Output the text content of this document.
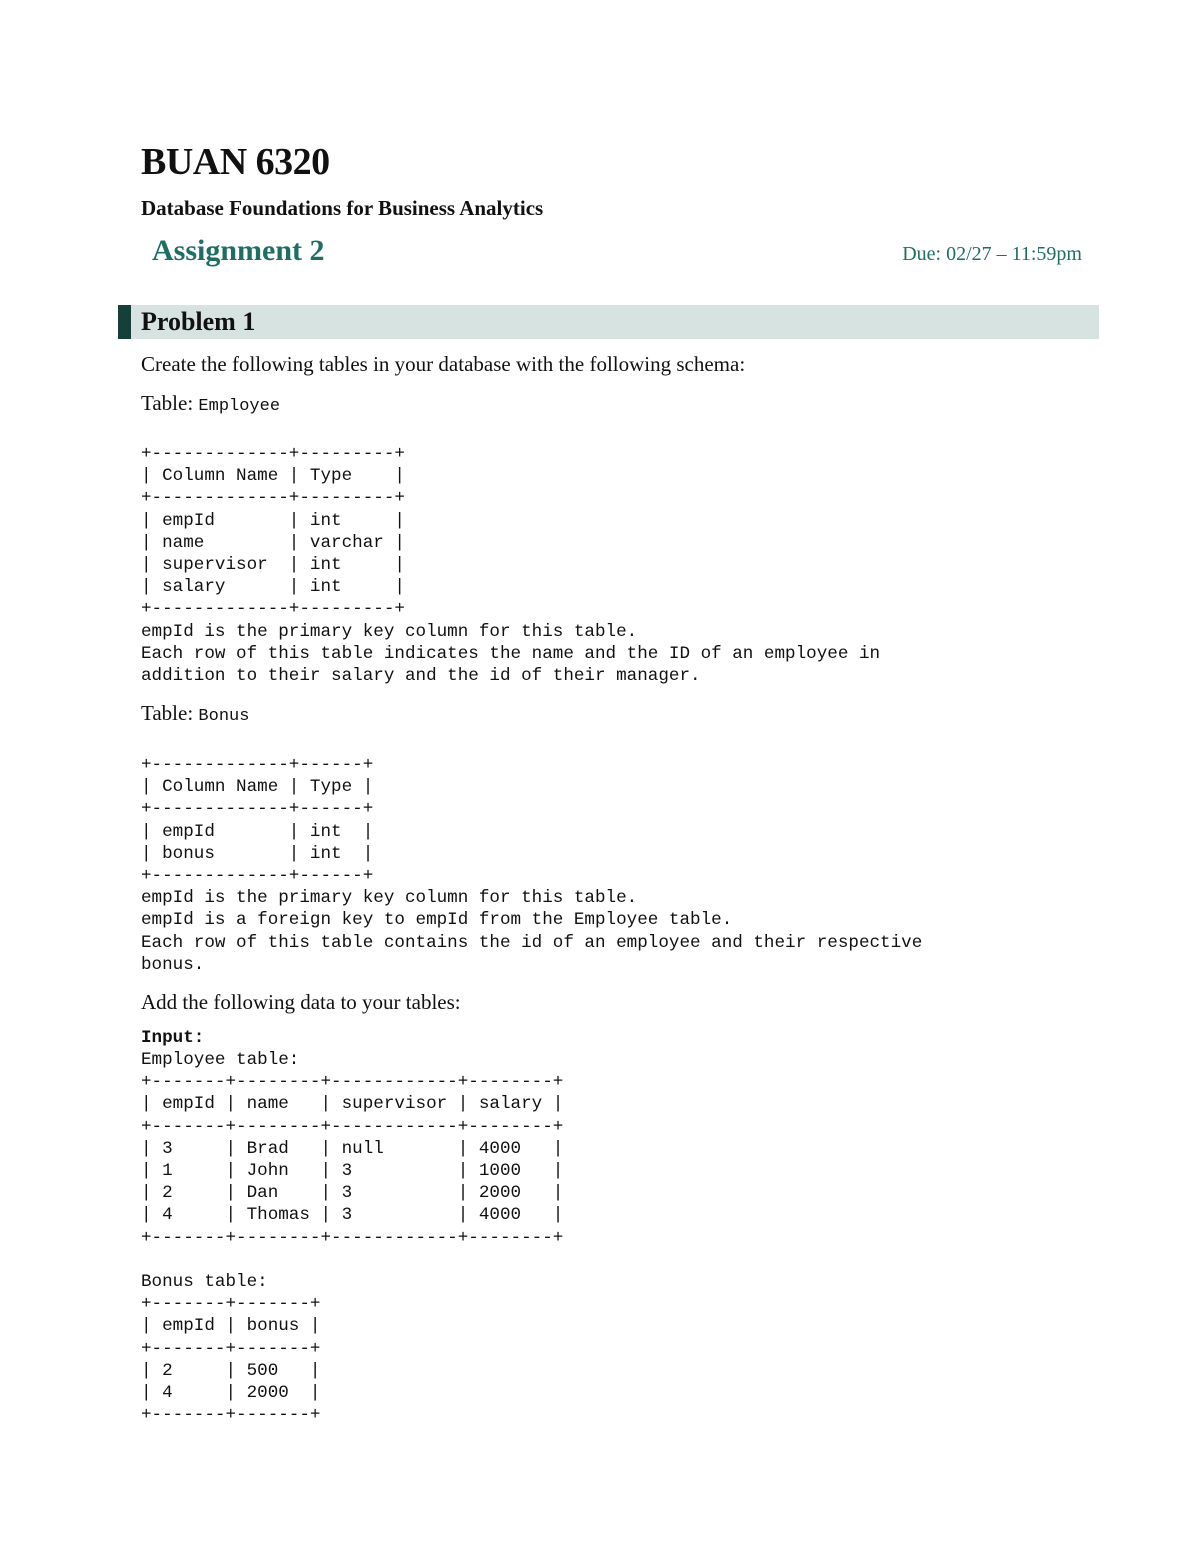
BUAN 6320
Database Foundations for Business Analytics
Assignment 2	Due: 02/27 – 11:59pm
Problem 1
Create the following tables in your database with the following schema:
Table: Employee
+-------------+---------+
| Column Name | Type    |
+-------------+---------+
| empId       | int     |
| name        | varchar |
| supervisor  | int     |
| salary      | int     |
+-------------+---------+
empId is the primary key column for this table.
Each row of this table indicates the name and the ID of an employee in
addition to their salary and the id of their manager.
Table: Bonus
+-------------+------+
| Column Name | Type |
+-------------+------+
| empId       | int  |
| bonus       | int  |
+-------------+------+
empId is the primary key column for this table.
empId is a foreign key to empId from the Employee table.
Each row of this table contains the id of an employee and their respective
bonus.
Add the following data to your tables:
Input:
Employee table:
+-------+--------+------------+--------+
| empId | name   | supervisor | salary |
+-------+--------+------------+--------+
| 3     | Brad   | null       | 4000   |
| 1     | John   | 3          | 1000   |
| 2     | Dan    | 3          | 2000   |
| 4     | Thomas | 3          | 4000   |
+-------+--------+------------+--------+
Bonus table:
+-------+-------+
| empId | bonus |
+-------+-------+
| 2     | 500   |
| 4     | 2000  |
+-------+-------+
